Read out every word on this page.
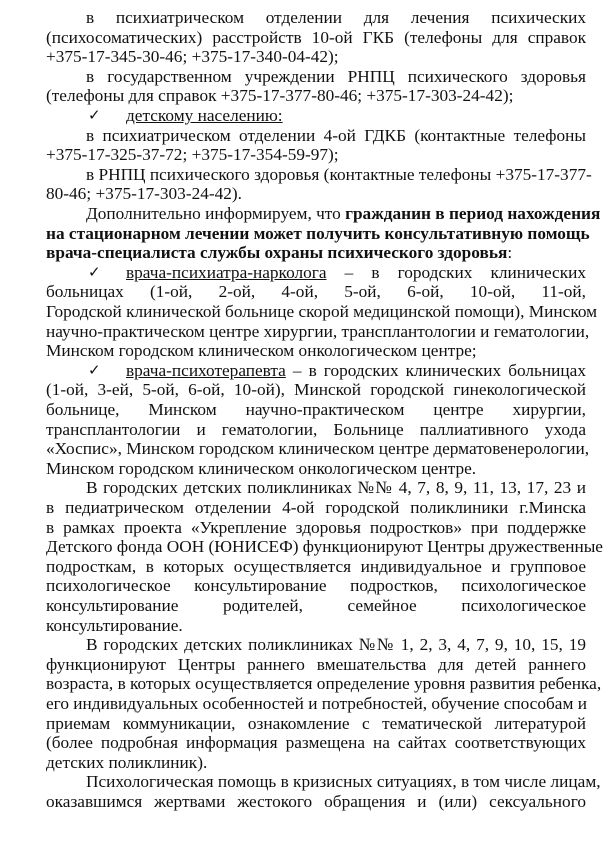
в психиатрическом отделении для лечения психических
(психосоматических) расстройств 10-ой ГКБ (телефоны для справок
+375-17-345-30-46; +375-17-340-04-42);
в государственном учреждении РНПЦ психического здоровья
(телефоны для справок +375-17-377-80-46; +375-17-303-24-42);
✓ детскому населению:
в психиатрическом отделении 4-ой ГДКБ (контактные телефоны
+375-17-325-37-72; +375-17-354-59-97);
в РНПЦ психического здоровья (контактные телефоны +375-17-377-
80-46; +375-17-303-24-42).
Дополнительно информируем, что гражданин в период нахождения
на стационарном лечении может получить консультативную помощь
врача-специалиста службы охраны психического здоровья:
✓ врача-психиатра-нарколога – в городских клинических
больницах (1-ой, 2-ой, 4-ой, 5-ой, 6-ой, 10-ой, 11-ой,
Городской клинической больнице скорой медицинской помощи), Минском
научно-практическом центре хирургии, трансплантологии и гематологии,
Минском городском клиническом онкологическом центре;
✓ врача-психотерапевта – в городских клинических больницах
(1-ой, 3-ей, 5-ой, 6-ой, 10-ой), Минской городской гинекологической
больнице, Минском научно-практическом центре хирургии,
трансплантологии и гематологии, Больнице паллиативного ухода
«Хоспис», Минском городском клиническом центре дерматовенерологии,
Минском городском клиническом онкологическом центре.
В городских детских поликлиниках №№ 4, 7, 8, 9, 11, 13, 17, 23 и
в педиатрическом отделении 4-ой городской поликлиники г.Минска
в рамках проекта «Укрепление здоровья подростков» при поддержке
Детского фонда ООН (ЮНИСЕФ) функционируют Центры дружественные
подросткам, в которых осуществляется индивидуальное и групповое
психологическое консультирование подростков, психологическое
консультирование родителей, семейное психологическое
консультирование.
В городских детских поликлиниках №№ 1, 2, 3, 4, 7, 9, 10, 15, 19
функционируют Центры раннего вмешательства для детей раннего
возраста, в которых осуществляется определение уровня развития ребенка,
его индивидуальных особенностей и потребностей, обучение способам и
приемам коммуникации, ознакомление с тематической литературой
(более подробная информация размещена на сайтах соответствующих
детских поликлиник).
Психологическая помощь в кризисных ситуациях, в том числе лицам,
оказавшимся жертвами жестокого обращения и (или) сексуального
